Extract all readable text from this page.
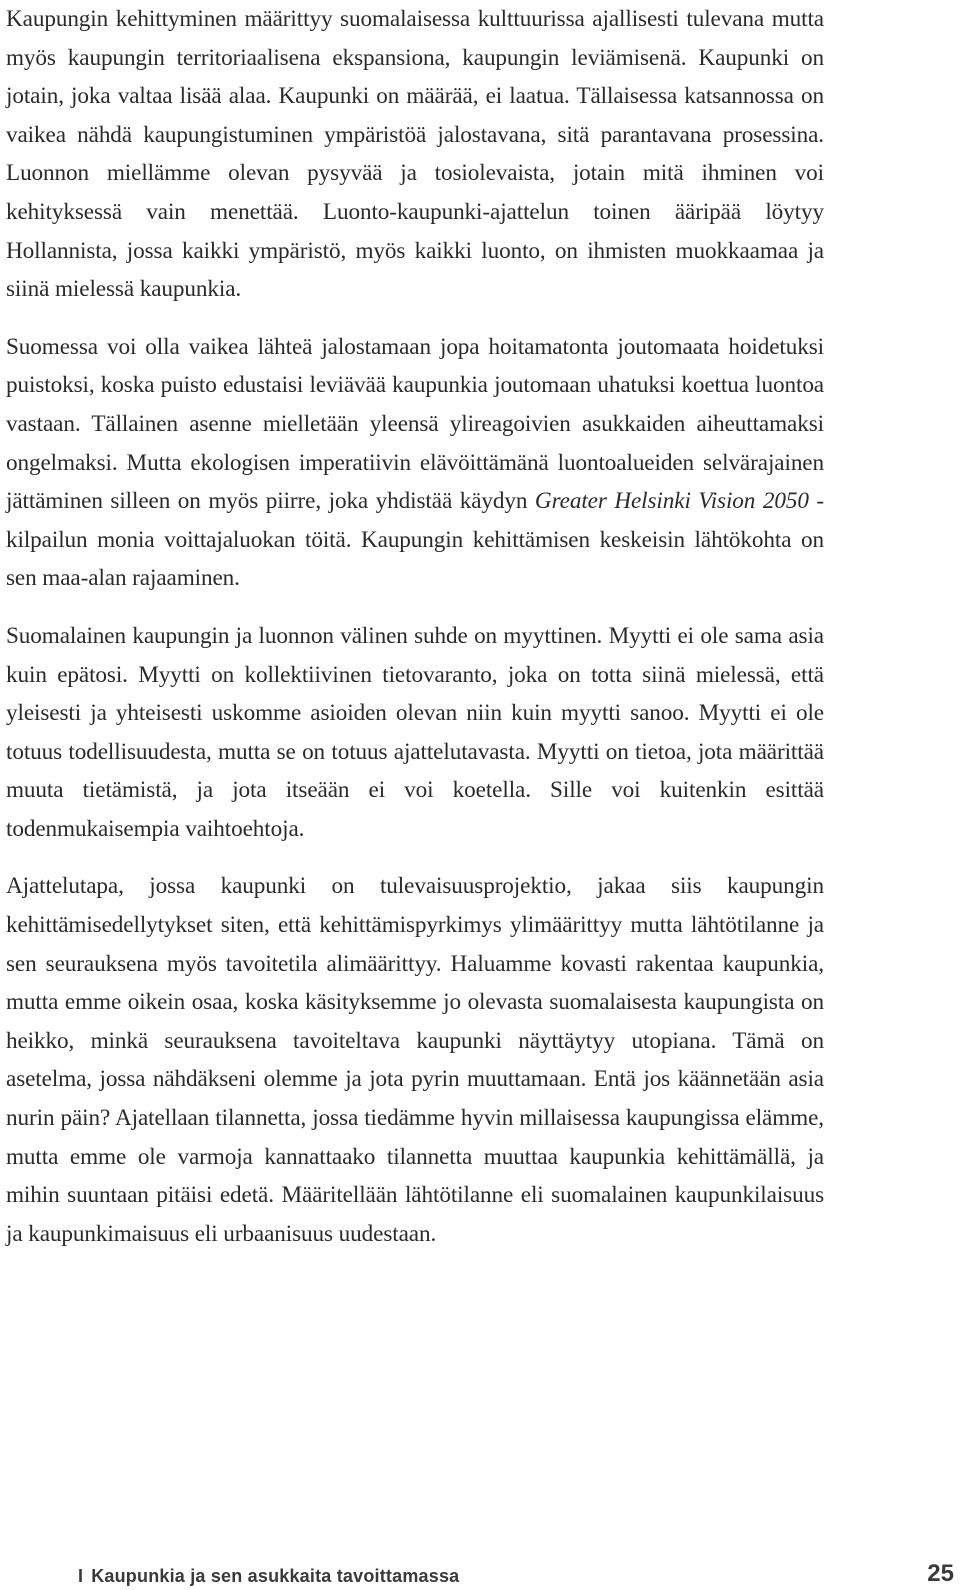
Kaupungin kehittyminen määrittyy suomalaisessa kulttuurissa ajallisesti tulevana mutta myös kaupungin territoriaalisena ekspansiona, kaupungin leviämisenä. Kaupunki on jotain, joka valtaa lisää alaa. Kaupunki on määrää, ei laatua. Tällaisessa katsannossa on vaikea nähdä kaupungistuminen ympäristöä jalostavana, sitä parantavana prosessina. Luonnon miellämme olevan pysyvää ja tosiolevaista, jotain mitä ihminen voi kehityksessä vain menettää. Luonto-kaupunki-ajattelun toinen ääripää löytyy Hollannista, jossa kaikki ympäristö, myös kaikki luonto, on ihmisten muokkaamaa ja siinä mielessä kaupunkia.

Suomessa voi olla vaikea lähteä jalostamaan jopa hoitamatonta joutomaata hoidetuksi puistoksi, koska puisto edustaisi leviävää kaupunkia joutomaan uhatuksi koettua luontoa vastaan. Tällainen asenne mielletään yleensä ylireagoivien asukkaiden aiheuttamaksi ongelmaksi. Mutta ekologisen imperatiivin elävöittämänä luontoalueiden selvärajainen jättäminen silleen on myös piirre, joka yhdistää käydyn Greater Helsinki Vision 2050 -kilpailun monia voittajaluokan töitä. Kaupungin kehittämisen keskeisin lähtökohta on sen maa-alan rajaaminen.

Suomalainen kaupungin ja luonnon välinen suhde on myyttinen. Myytti ei ole sama asia kuin epätosi. Myytti on kollektiivinen tietovaranto, joka on totta siinä mielessä, että yleisesti ja yhteisesti uskomme asioiden olevan niin kuin myytti sanoo. Myytti ei ole totuus todellisuudesta, mutta se on totuus ajattelutavasta. Myytti on tietoa, jota määrittää muuta tietämistä, ja jota itseään ei voi koetella. Sille voi kuitenkin esittää todenmukaisempia vaihtoehtoja.

Ajattelutapa, jossa kaupunki on tulevaisuusprojektio, jakaa siis kaupungin kehittämisedellytykset siten, että kehittämispyrkimys ylimäärittyy mutta lähtötilanne ja sen seurauksena myös tavoitetila alimäärittyy. Haluamme kovasti rakentaa kaupunkia, mutta emme oikein osaa, koska käsityksemme jo olevasta suomalaisesta kaupungista on heikko, minkä seurauksena tavoiteltava kaupunki näyttäytyy utopiana. Tämä on asetelma, jossa nähdäkseni olemme ja jota pyrin muuttamaan. Entä jos käännetään asia nurin päin? Ajatellaan tilannetta, jossa tiedämme hyvin millaisessa kaupungissa elämme, mutta emme ole varmoja kannattaako tilannetta muuttaa kaupunkia kehittämällä, ja mihin suuntaan pitäisi edetä. Määritellään lähtötilanne eli suomalainen kaupunkilaisuus ja kaupunkimaisuus eli urbaanisuus uudestaan.

I Kaupunkia ja sen asukkaita tavoittamassa	25
